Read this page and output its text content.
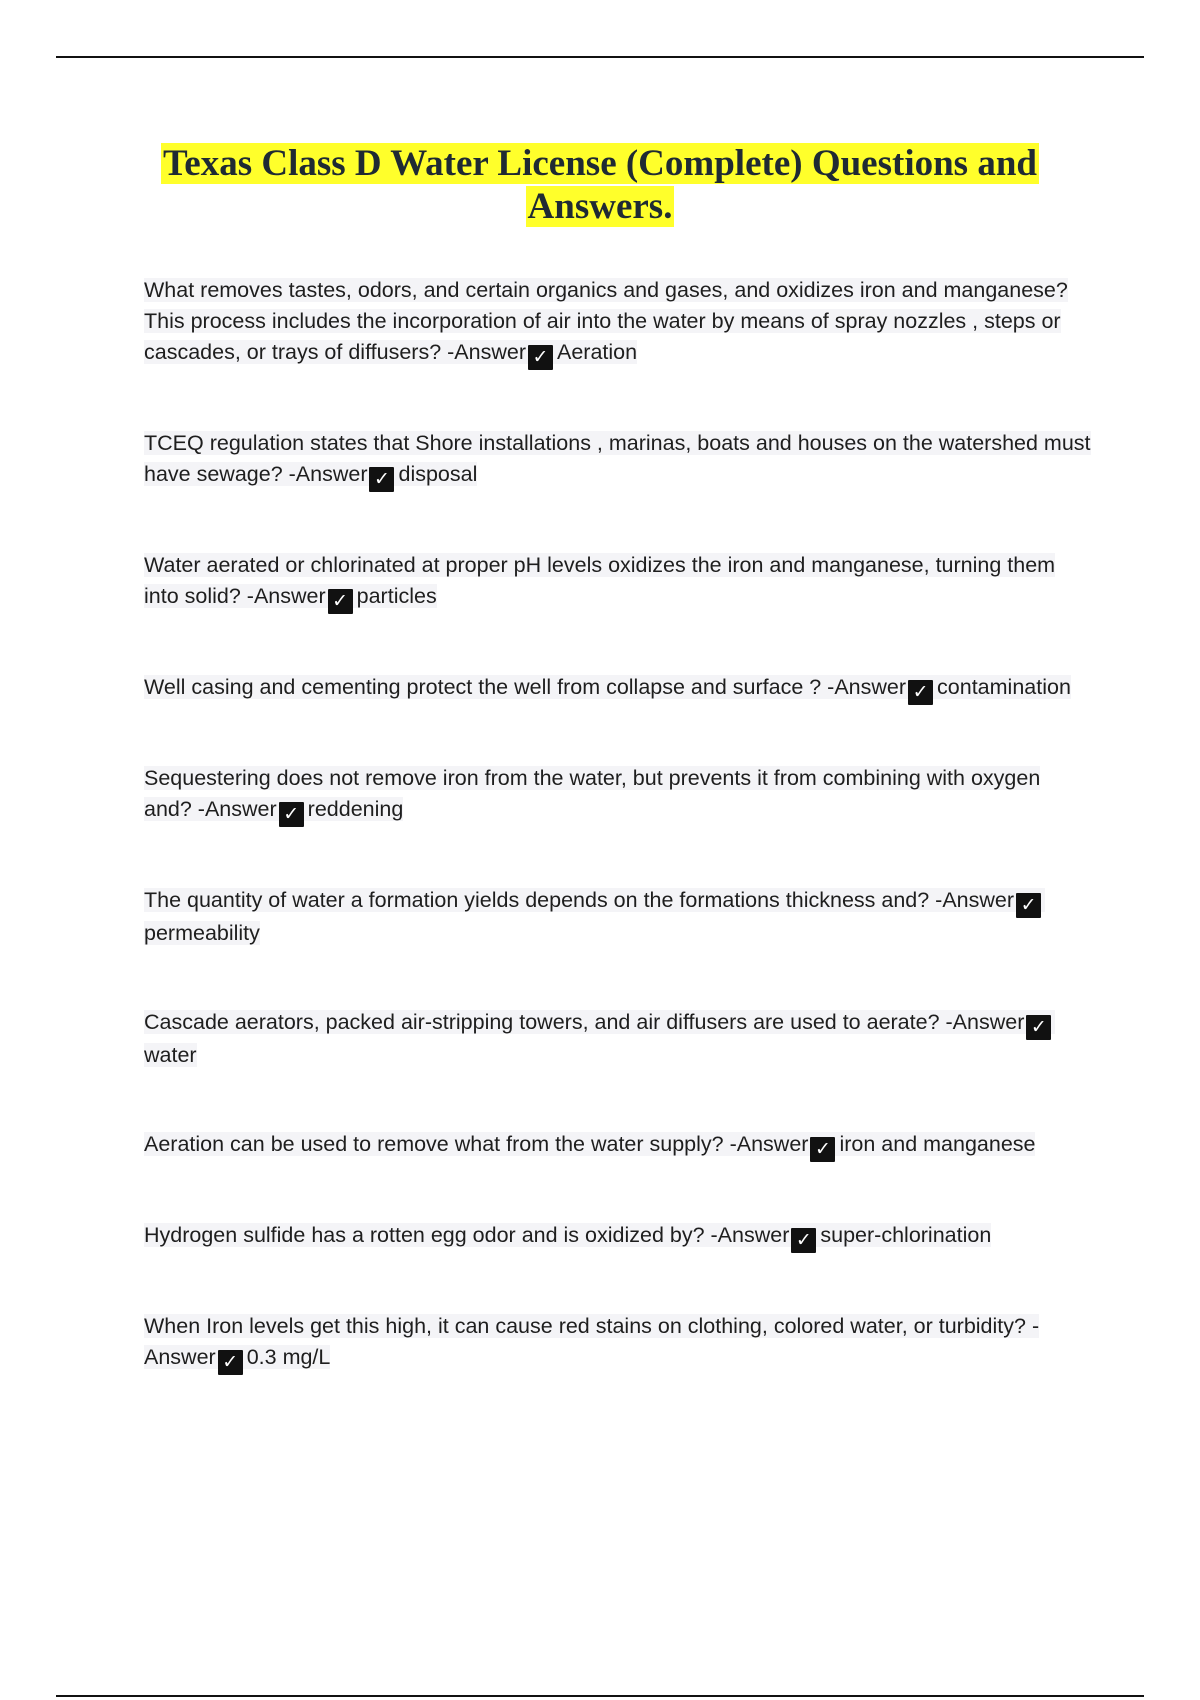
Texas Class D Water License (Complete) Questions and Answers.
What removes tastes, odors, and certain organics and gases, and oxidizes iron and manganese? This process includes the incorporation of air into the water by means of spray nozzles , steps or cascades, or trays of diffusers? -Answer ✓ Aeration
TCEQ regulation states that Shore installations , marinas, boats and houses on the watershed must have sewage? -Answer ✓ disposal
Water aerated or chlorinated at proper pH levels oxidizes the iron and manganese, turning them into solid? -Answer ✓ particles
Well casing and cementing protect the well from collapse and surface ? -Answer ✓ contamination
Sequestering does not remove iron from the water, but prevents it from combining with oxygen and? -Answer ✓ reddening
The quantity of water a formation yields depends on the formations thickness and? -Answer ✓permeability
Cascade aerators, packed air-stripping towers, and air diffusers are used to aerate? -Answer ✓water
Aeration can be used to remove what from the water supply? -Answer ✓ iron and manganese
Hydrogen sulfide has a rotten egg odor and is oxidized by? -Answer ✓ super-chlorination
When Iron levels get this high, it can cause red stains on clothing, colored water, or turbidity? -Answer ✓ 0.3 mg/L
